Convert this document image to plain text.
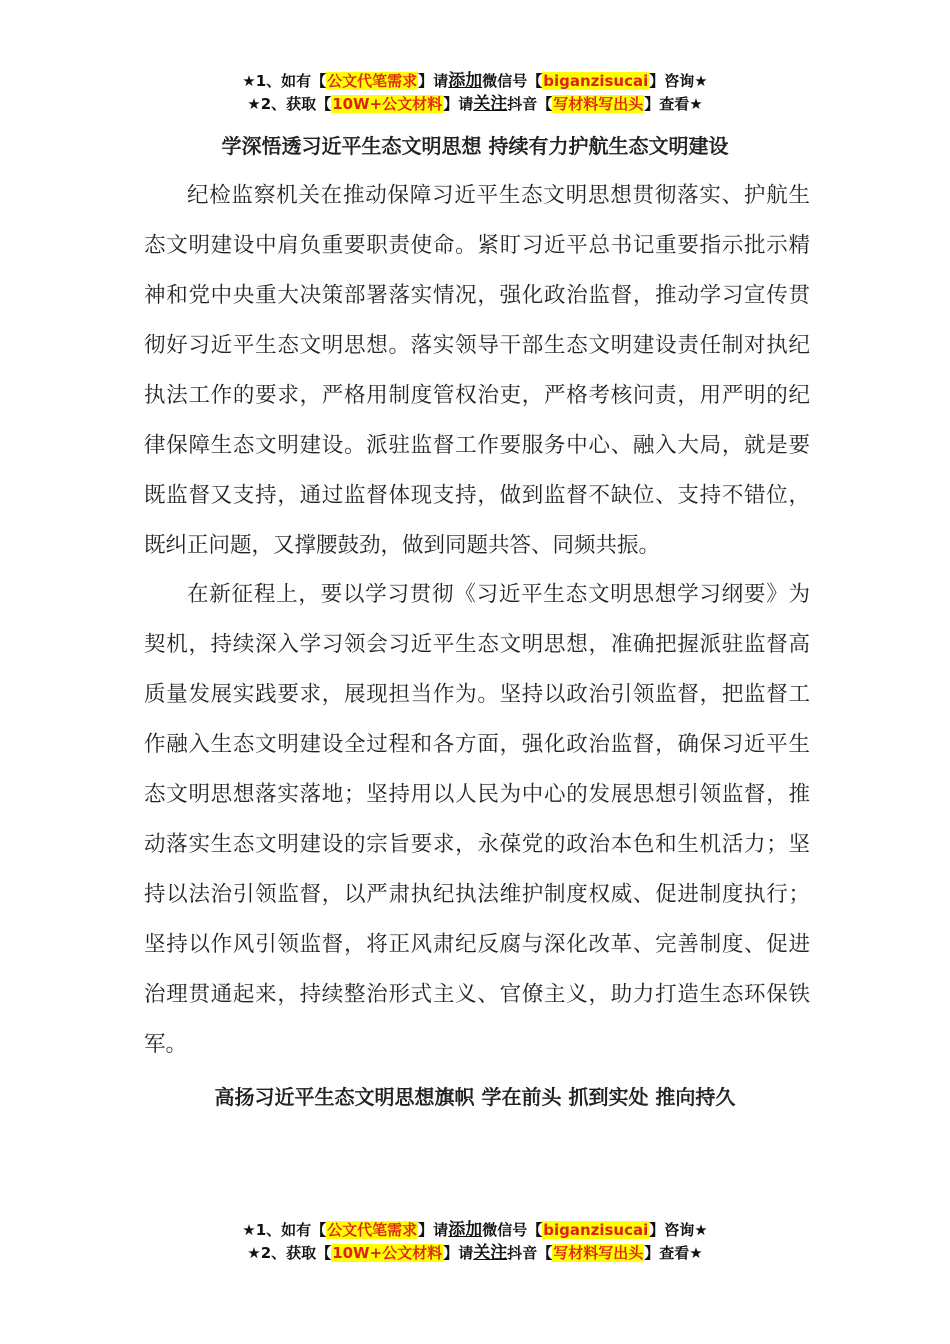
★1、如有【公文代笔需求】请添加微信号【biganzisucai】咨询★
★2、获取【10W+公文材料】请关注抖音【写材料写出头】查看★
学深悟透习近平生态文明思想 持续有力护航生态文明建设

纪检监察机关在推动保障习近平生态文明思想贯彻落实、护航生态文明建设中肩负重要职责使命。紧盯习近平总书记重要指示批示精神和党中央重大决策部署落实情况，强化政治监督，推动学习宣传贯彻好习近平生态文明思想。落实领导干部生态文明建设责任制对执纪执法工作的要求，严格用制度管权治吏，严格考核问责，用严明的纪律保障生态文明建设。派驻监督工作要服务中心、融入大局，就是要既监督又支持，通过监督体现支持，做到监督不缺位、支持不错位，既纠正问题，又撑腰鼓劲，做到同题共答、同频共振。

在新征程上，要以学习贯彻《习近平生态文明思想学习纲要》为契机，持续深入学习领会习近平生态文明思想，准确把握派驻监督高质量发展实践要求，展现担当作为。坚持以政治引领监督，把监督工作融入生态文明建设全过程和各方面，强化政治监督，确保习近平生态文明思想落实落地；坚持用以人民为中心的发展思想引领监督，推动落实生态文明建设的宗旨要求，永葆党的政治本色和生机活力；坚持以法治引领监督，以严肃执纪执法维护制度权威、促进制度执行；坚持以作风引领监督，将正风肃纪反腐与深化改革、完善制度、促进治理贯通起来，持续整治形式主义、官僚主义，助力打造生态环保铁军。

高扬习近平生态文明思想旗帜 学在前头 抓到实处 推向持久
★1、如有【公文代笔需求】请添加微信号【biganzisucai】咨询★
★2、获取【10W+公文材料】请关注抖音【写材料写出头】查看★
